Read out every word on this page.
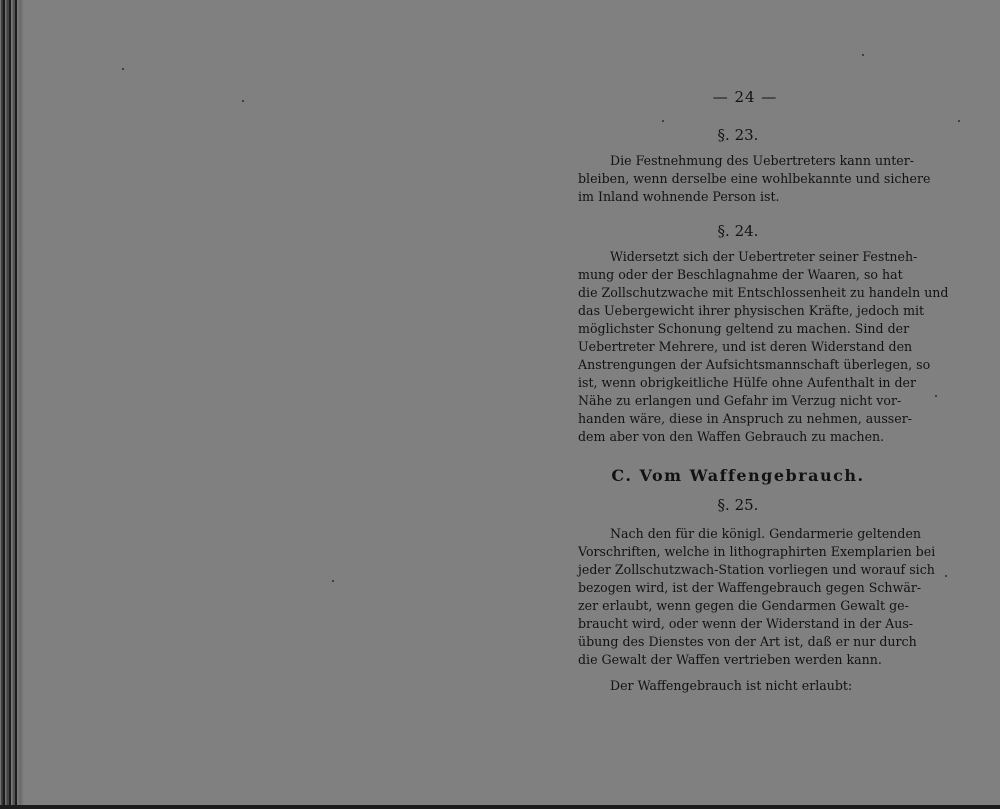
— 24 —
§. 23.
Die Festnehmung des Uebertreters kann unter-
bleiben, wenn derselbe eine wohlbekannte und sichere
im Inland wohnende Person ist.
§. 24.
Widersetzt sich der Uebertreter seiner Festneh-
mung oder der Beschlagnahme der Waaren, so hat
die Zollschutzwache mit Entschlossenheit zu handeln und
das Uebergewicht ihrer physischen Kräfte, jedoch mit
möglichster Schonung geltend zu machen. Sind der
Uebertreter Mehrere, und ist deren Widerstand den
Anstrengungen der Aufsichtsmannschaft überlegen, so
ist, wenn obrigkeitliche Hülfe ohne Aufenthalt in der
Nähe zu erlangen und Gefahr im Verzug nicht vor-
handen wäre, diese in Anspruch zu nehmen, ausser-
dem aber von den Waffen Gebrauch zu machen.
C. Vom Waffengebrauch.
§. 25.
Nach den für die königl. Gendarmerie geltenden
Vorschriften, welche in lithographirten Exemplarien bei
jeder Zollschutzwach-Station vorliegen und worauf sich
bezogen wird, ist der Waffengebrauch gegen Schwär-
zer erlaubt, wenn gegen die Gendarmen Gewalt ge-
braucht wird, oder wenn der Widerstand in der Aus-
übung des Dienstes von der Art ist, daß er nur durch
die Gewalt der Waffen vertrieben werden kann.
Der Waffengebrauch ist nicht erlaubt:
